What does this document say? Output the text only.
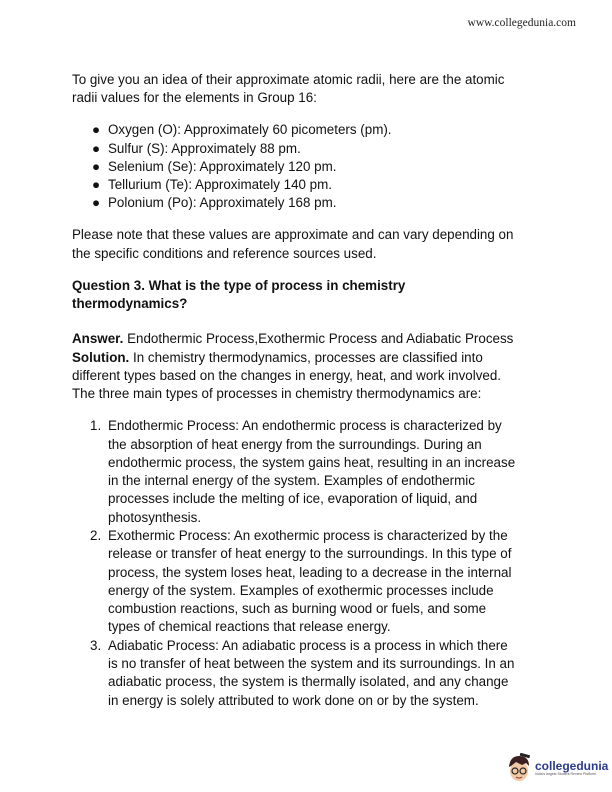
www.collegedunia.com

To give you an idea of their approximate atomic radii, here are the atomic
radii values for the elements in Group 16:

● Oxygen (O): Approximately 60 picometers (pm).
● Sulfur (S): Approximately 88 pm.
● Selenium (Se): Approximately 120 pm.
● Tellurium (Te): Approximately 140 pm.
● Polonium (Po): Approximately 168 pm.

Please note that these values are approximate and can vary depending on
the specific conditions and reference sources used.

Question 3. What is the type of process in chemistry
thermodynamics?

Answer. Endothermic Process,Exothermic Process and Adiabatic Process
Solution. In chemistry thermodynamics, processes are classified into
different types based on the changes in energy, heat, and work involved.
The three main types of processes in chemistry thermodynamics are:

1. Endothermic Process: An endothermic process is characterized by
the absorption of heat energy from the surroundings. During an
endothermic process, the system gains heat, resulting in an increase
in the internal energy of the system. Examples of endothermic
processes include the melting of ice, evaporation of liquid, and
photosynthesis.
2. Exothermic Process: An exothermic process is characterized by the
release or transfer of heat energy to the surroundings. In this type of
process, the system loses heat, leading to a decrease in the internal
energy of the system. Examples of exothermic processes include
combustion reactions, such as burning wood or fuels, and some
types of chemical reactions that release energy.
3. Adiabatic Process: An adiabatic process is a process in which there
is no transfer of heat between the system and its surroundings. In an
adiabatic process, the system is thermally isolated, and any change
in energy is solely attributed to work done on or by the system.
collegedunia
India's largest Student Review Platform
